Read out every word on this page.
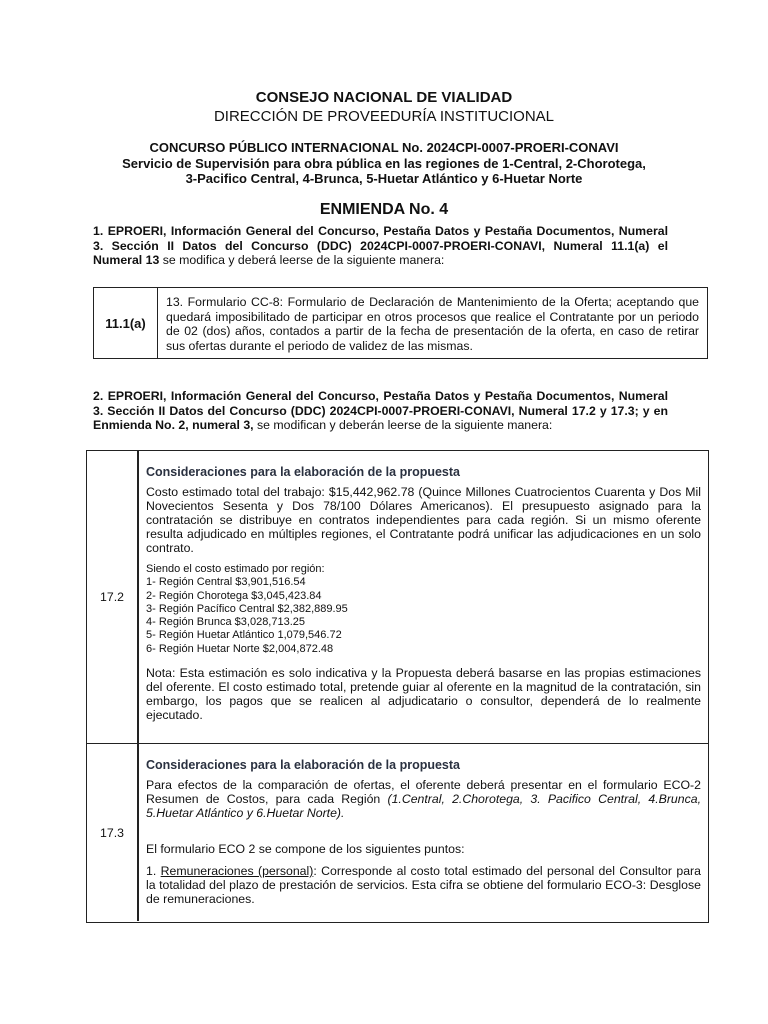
CONSEJO NACIONAL DE VIALIDAD
DIRECCIÓN DE PROVEEDURÍA INSTITUCIONAL
CONCURSO PÚBLICO INTERNACIONAL No. 2024CPI-0007-PROERI-CONAVI
Servicio de Supervisión para obra pública en las regiones de 1-Central, 2-Chorotega,
3-Pacifico Central, 4-Brunca, 5-Huetar Atlántico y 6-Huetar Norte
ENMIENDA No. 4
1. EPROERI, Información General del Concurso, Pestaña Datos y Pestaña Documentos, Numeral 3. Sección II Datos del Concurso (DDC) 2024CPI-0007-PROERI-CONAVI, Numeral 11.1(a) el Numeral 13 se modifica y deberá leerse de la siguiente manera:
11.1(a)
13. Formulario CC-8: Formulario de Declaración de Mantenimiento de la Oferta; aceptando que quedará imposibilitado de participar en otros procesos que realice el Contratante por un periodo de 02 (dos) años, contados a partir de la fecha de presentación de la oferta, en caso de retirar sus ofertas durante el periodo de validez de las mismas.
2. EPROERI, Información General del Concurso, Pestaña Datos y Pestaña Documentos, Numeral 3. Sección II Datos del Concurso (DDC) 2024CPI-0007-PROERI-CONAVI, Numeral 17.2 y 17.3; y en Enmienda No. 2, numeral 3, se modifican y deberán leerse de la siguiente manera:
17.2
Consideraciones para la elaboración de la propuesta

Costo estimado total del trabajo: $15,442,962.78 (Quince Millones Cuatrocientos Cuarenta y Dos Mil Novecientos Sesenta y Dos 78/100 Dólares Americanos). El presupuesto asignado para la contratación se distribuye en contratos independientes para cada región. Si un mismo oferente resulta adjudicado en múltiples regiones, el Contratante podrá unificar las adjudicaciones en un solo contrato.

Siendo el costo estimado por región:
1- Región Central $3,901,516.54
2- Región Chorotega $3,045,423.84
3- Región Pacífico Central $2,382,889.95
4- Región Brunca $3,028,713.25
5- Región Huetar Atlántico 1,079,546.72
6- Región Huetar Norte $2,004,872.48

Nota: Esta estimación es solo indicativa y la Propuesta deberá basarse en las propias estimaciones del oferente. El costo estimado total, pretende guiar al oferente en la magnitud de la contratación, sin embargo, los pagos que se realicen al adjudicatario o consultor, dependerá de lo realmente ejecutado.

17.3
Consideraciones para la elaboración de la propuesta

Para efectos de la comparación de ofertas, el oferente deberá presentar en el formulario ECO-2 Resumen de Costos, para cada Región (1.Central, 2.Chorotega, 3. Pacifico Central, 4.Brunca, 5.Huetar Atlántico y 6.Huetar Norte).

El formulario ECO 2 se compone de los siguientes puntos:

1. Remuneraciones (personal): Corresponde al costo total estimado del personal del Consultor para la totalidad del plazo de prestación de servicios. Esta cifra se obtiene del formulario ECO-3: Desglose de remuneraciones.
